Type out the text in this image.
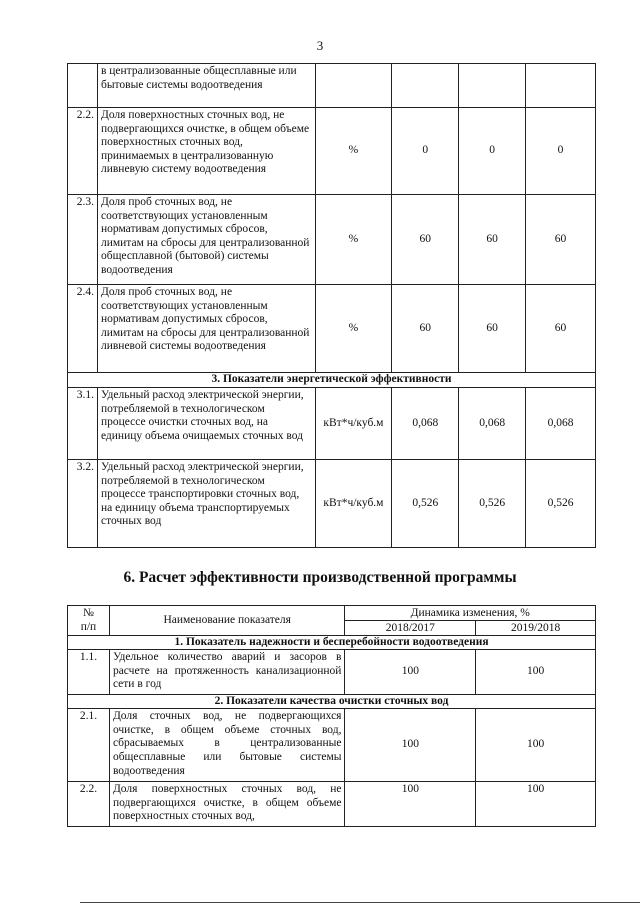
3
	в централизованные общесплавные или бытовые системы водоотведения				
2.2.	Доля поверхностных сточных вод, не подвергающихся очистке, в общем объеме поверхностных сточных вод, принимаемых в централизованную ливневую систему водоотведения	%	0	0	0
2.3.	Доля проб сточных вод, не соответствующих установленным нормативам допустимых сбросов, лимитам на сбросы для централизованной общесплавной (бытовой) системы водоотведения	%	60	60	60
2.4.	Доля проб сточных вод, не соответствующих установленным нормативам допустимых сбросов, лимитам на сбросы для централизованной ливневой системы водоотведения	%	60	60	60
3. Показатели энергетической эффективности					
3.1.	Удельный расход электрической энергии, потребляемой в технологическом процессе очистки сточных вод, на единицу объема очищаемых сточных вод	кВт*ч/куб.м	0,068	0,068	0,068
3.2.	Удельный расход электрической энергии, потребляемой в технологическом процессе транспортировки сточных вод, на единицу объема транспортируемых сточных вод	кВт*ч/куб.м	0,526	0,526	0,526
6. Расчет эффективности производственной программы
№
п/п	Наименование показателя	Динамика изменения, %	
		2018/2017	2019/2018
1. Показатель надежности и бесперебойности водоотведения			
1.1.	Удельное количество аварий и засоров в расчете на протяженность канализационной сети в год	100	100
2. Показатели качества очистки сточных вод			
2.1.	Доля сточных вод, не подвергающихся очистке, в общем объеме сточных вод, сбрасываемых в централизованные общесплавные или бытовые системы водоотведения	100	100
2.2.	Доля поверхностных сточных вод, не подвергающихся очистке, в общем объеме поверхностных сточных вод,	100	100
